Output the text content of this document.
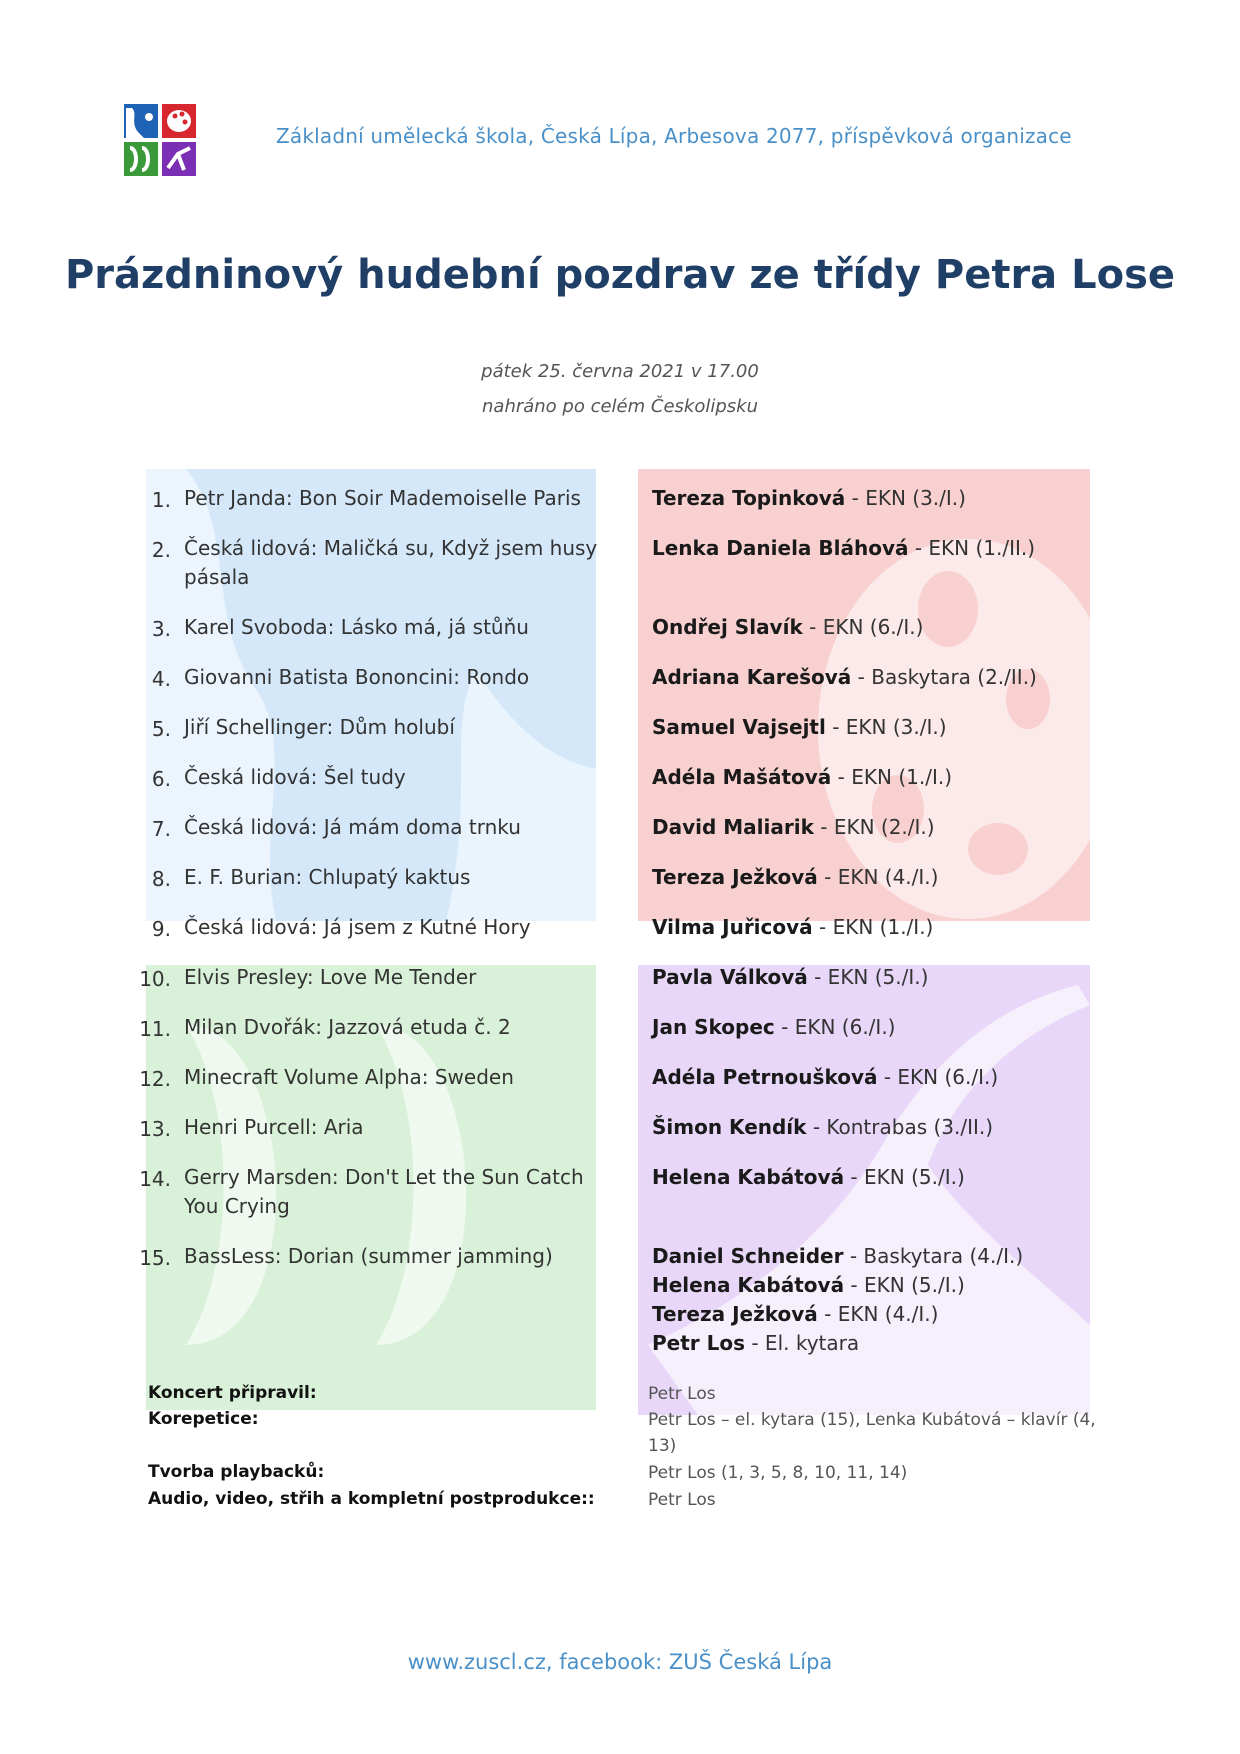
Základní umělecká škola, Česká Lípa, Arbesova 2077, příspěvková organizace
Prázdninový hudební pozdrav ze třídy Petra Lose
pátek 25. června 2021 v 17.00
nahráno po celém Českolipsku
1. Petr Janda: Bon Soir Mademoiselle Paris	Tereza Topinková - EKN (3./I.)
2. Česká lidová: Maličká su, Když jsem husy pásala
Lenka Daniela Bláhová - EKN (1./II.)
3. Karel Svoboda: Lásko má, já stůňu	Ondřej Slavík - EKN (6./I.)
4. Giovanni Batista Bononcini: Rondo	Adriana Karešová - Baskytara (2./II.)
5. Jiří Schellinger: Dům holubí	Samuel Vajsejtl - EKN (3./I.)
6. Česká lidová: Šel tudy	Adéla Mašátová - EKN (1./I.)
7. Česká lidová: Já mám doma trnku	David Maliarik - EKN (2./I.)
8. E. F. Burian: Chlupatý kaktus	Tereza Ježková - EKN (4./I.)
9. Česká lidová: Já jsem z Kutné Hory	Vilma Juřicová - EKN (1./I.)
10. Elvis Presley: Love Me Tender	Pavla Válková - EKN (5./I.)
11. Milan Dvořák: Jazzová etuda č. 2	Jan Skopec - EKN (6./I.)
12. Minecraft Volume Alpha: Sweden	Adéla Petrnoušková - EKN (6./I.)
13. Henri Purcell: Aria	Šimon Kendík - Kontrabas (3./II.)
14. Gerry Marsden: Don't Let the Sun Catch You Crying
Helena Kabátová - EKN (5./I.)
15. BassLess: Dorian (summer jamming)	Daniel Schneider - Baskytara (4./I.)
Helena Kabátová - EKN (5./I.)
Tereza Ježková - EKN (4./I.)
Petr Los - El. kytara
Koncert připravil:	Petr Los
Korepetice:	Petr Los – el. kytara (15), Lenka Kubátová – klavír (4, 13)
Tvorba playbacků:	Petr Los (1, 3, 5, 8, 10, 11, 14)
Audio, video, střih a kompletní postprodukce::	Petr Los
www.zuscl.cz, facebook: ZUŠ Česká Lípa
